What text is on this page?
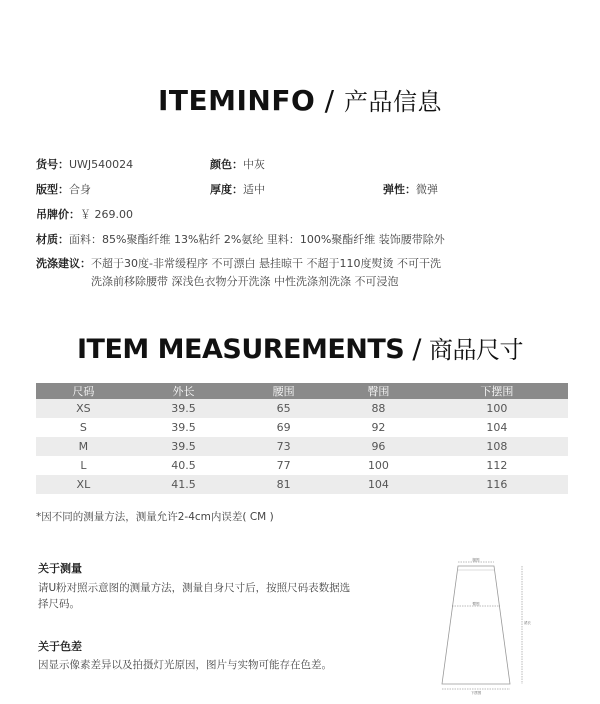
ITEMINFO / 产品信息
货号：UWJ540024	颜色：中灰
版型：合身	厚度：适中	弹性：微弹
吊牌价：￥ 269.00
材质：面料：85%聚酯纤维 13%粘纤 2%氨纶 里料：100%聚酯纤维 装饰腰带除外
洗涤建议：不超于30度-非常缓程序 不可漂白 悬挂晾干 不超于110度熨烫 不可干洗
洗涤前移除腰带 深浅色衣物分开洗涤 中性洗涤剂洗涤 不可浸泡
ITEM MEASUREMENTS / 商品尺寸
尺码	外长	腰围	臀围	下摆围
XS	39.5	65	88	100
S	39.5	69	92	104
M	39.5	73	96	108
L	40.5	77	100	112
XL	41.5	81	104	116
*因不同的测量方法，测量允许2-4cm内误差( CM )
关于测量
请U粉对照示意图的测量方法，测量自身尺寸后，按照尺码表数据选
择尺码。
关于色差
因显示像素差异以及拍摄灯光原因，图片与实物可能存在色差。
腰围
臀围
裙长
下摆围
